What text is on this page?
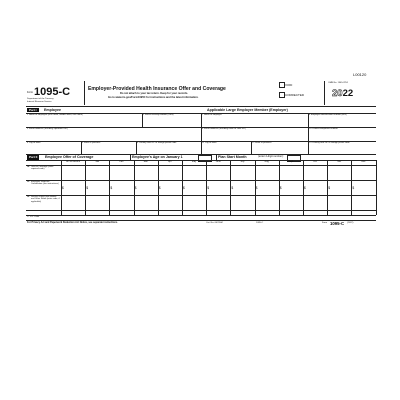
L00120
Form 1095-C
Department of the Treasury
Internal Revenue Service
Employer-Provided Health Insurance Offer and Coverage
Do not attach to your tax return. Keep for your records.
Go to www.irs.gov/Form1095C for instructions and the latest information.
VOID
CORRECTED
OMB No. 1545-2251
2022
Part I	Employee	Applicable Large Employer Member (Employer)
1 Name of employee (first name, middle initial, last name)	2 Social security number (SSN)	7 Name of employer	8 Employer identification number (EIN)
3 Street address (including apartment no.)	9 Street address (including room or suite no.)	10 Contact telephone number
4 City or town	5 State or province	6 Country and ZIP or foreign postal code	11 City or town	12 State or province	13 Country and ZIP or foreign postal code
Part II	Employee Offer of Coverage	Employee's Age on January 1	Plan Start Month	(enter 2-digit number):
All 12 Months	Jan	Feb	Mar	Apr	May	June	July	Aug	Sept	Oct	Nov	Dec
14 Offer of Coverage (enter required code)
15 Employee Required Contribution (see instructions)
$	$	$	$	$	$	$	$	$	$	$	$	$
16 Section 4980H Safe Harbor and Other Relief (enter code, if applicable)
17 ZIP Code
For Privacy Act and Paperwork Reduction Act Notice, see separate instructions.	Cat. No. 60705M	1095-C	Form 1095-C (2022)
